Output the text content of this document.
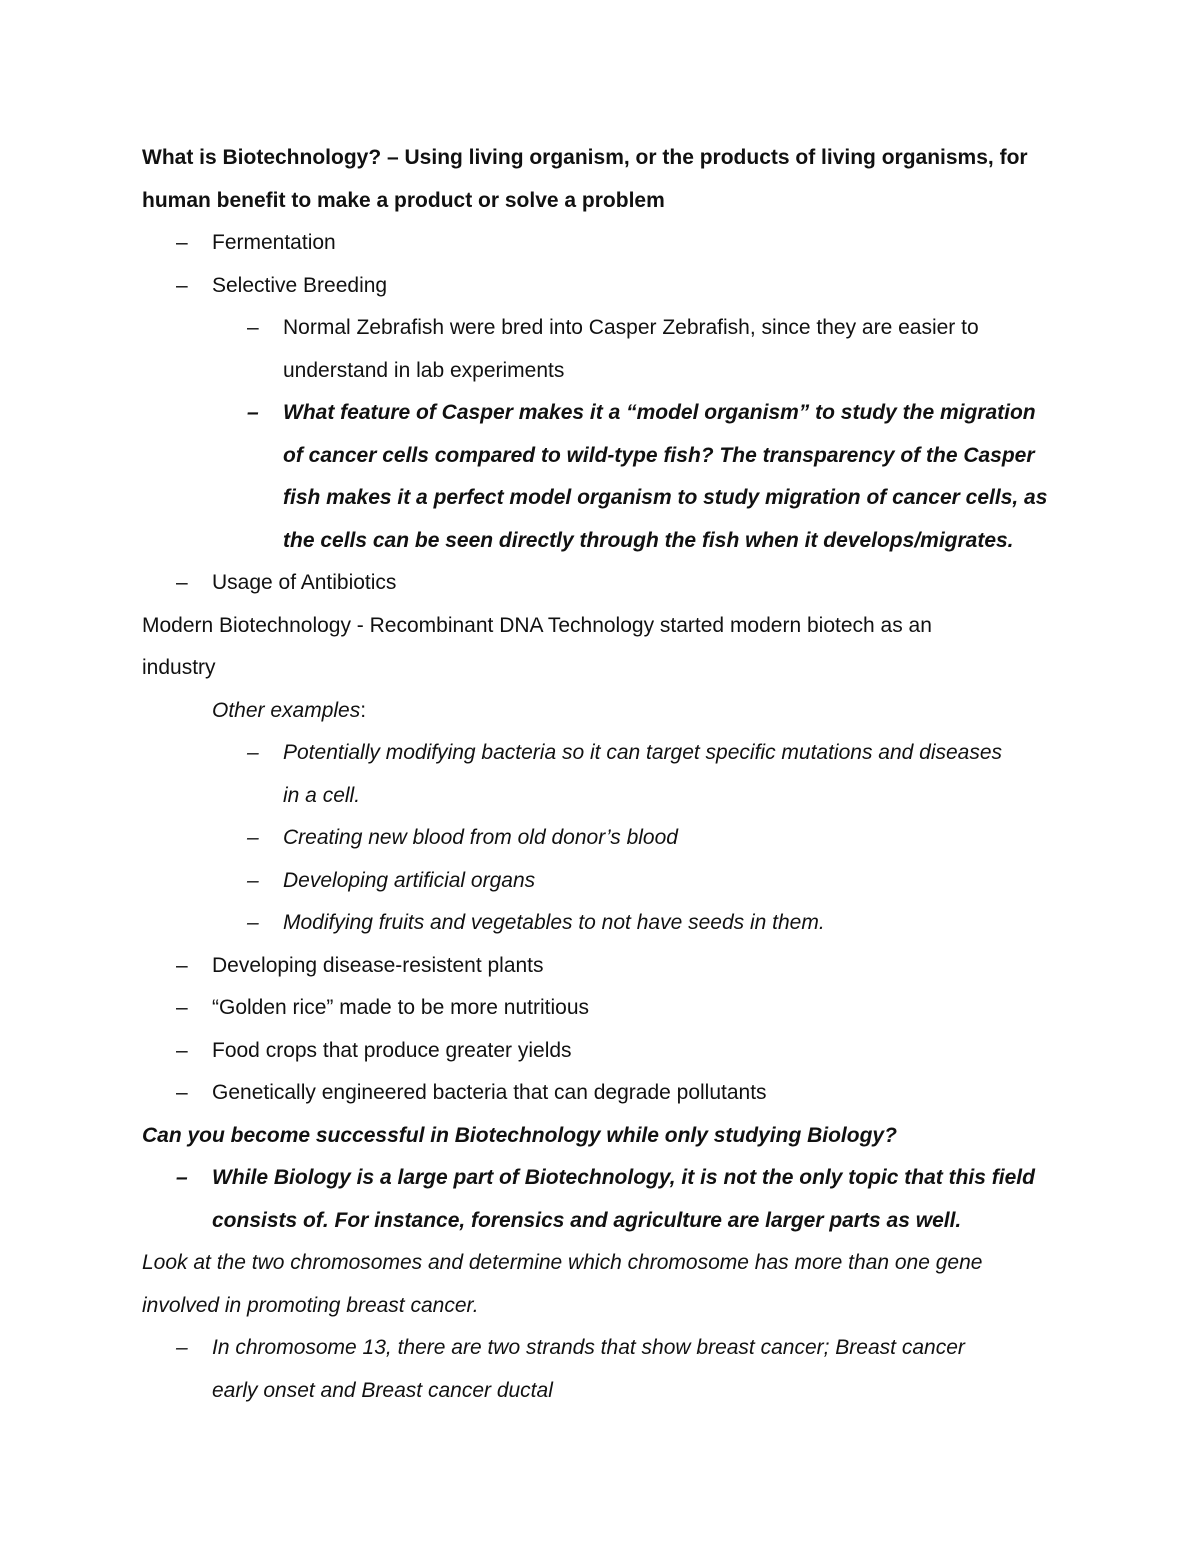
What is Biotechnology? – Using living organism, or the products of living organisms, for

human benefit to make a product or solve a problem

– Fermentation
– Selective Breeding
– Normal Zebrafish were bred into Casper Zebrafish, since they are easier to
understand in lab experiments
– What feature of Casper makes it a “model organism” to study the migration
of cancer cells compared to wild-type fish? The transparency of the Casper
fish makes it a perfect model organism to study migration of cancer cells, as
the cells can be seen directly through the fish when it develops/migrates.
– Usage of Antibiotics

Modern Biotechnology - Recombinant DNA Technology started modern biotech as an

industry

Other examples:

– Potentially modifying bacteria so it can target specific mutations and diseases
in a cell.
– Creating new blood from old donor’s blood
– Developing artificial organs
– Modifying fruits and vegetables to not have seeds in them.
– Developing disease-resistent plants
– “Golden rice” made to be more nutritious
– Food crops that produce greater yields
– Genetically engineered bacteria that can degrade pollutants

Can you become successful in Biotechnology while only studying Biology?

– While Biology is a large part of Biotechnology, it is not the only topic that this field
consists of. For instance, forensics and agriculture are larger parts as well.

Look at the two chromosomes and determine which chromosome has more than one gene

involved in promoting breast cancer.

– In chromosome 13, there are two strands that show breast cancer; Breast cancer
early onset and Breast cancer ductal
